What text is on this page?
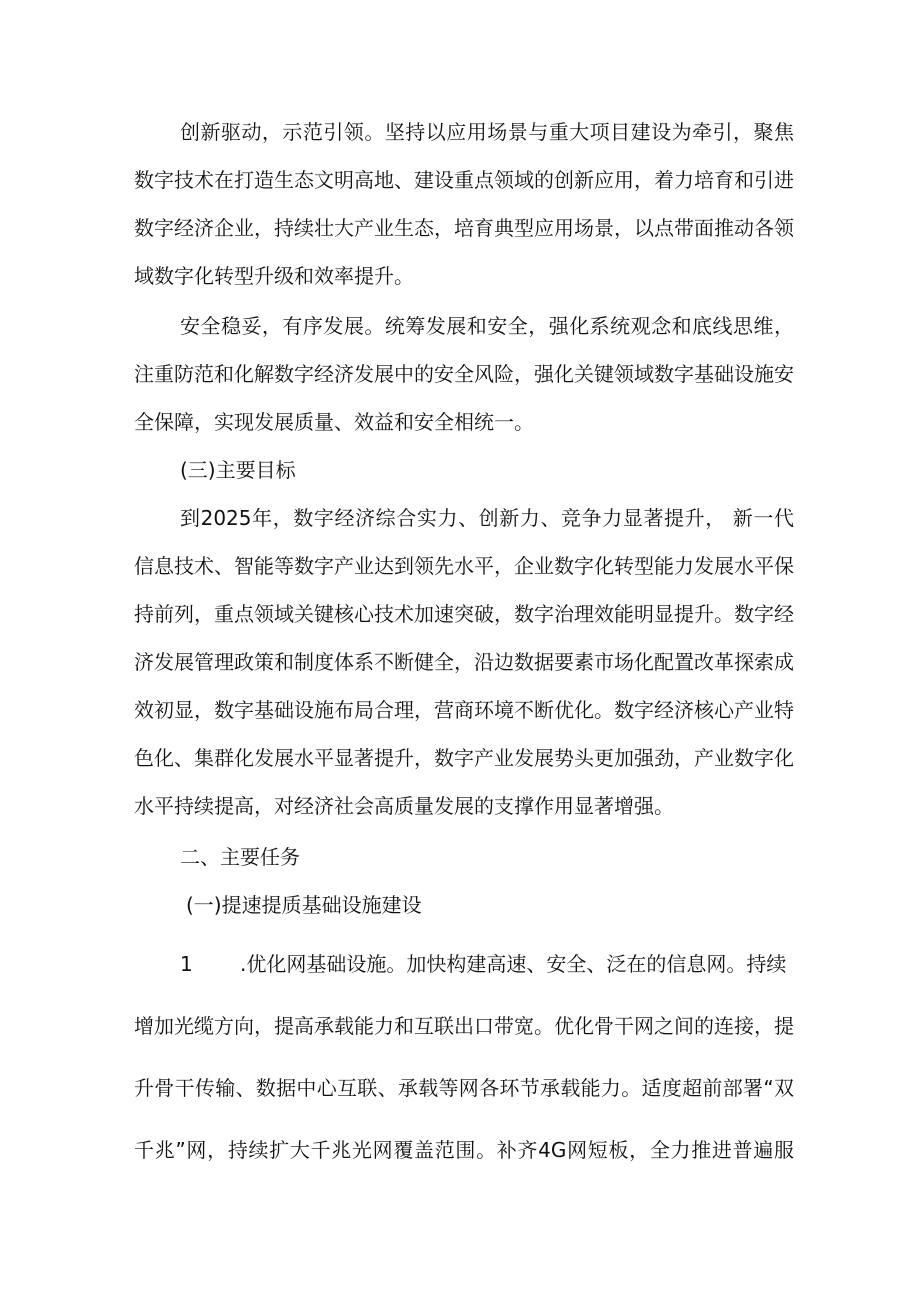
创新驱动，示范引领。坚持以应用场景与重大项目建设为牵引，聚焦数字技术在打造生态文明高地、建设重点领域的创新应用，着力培育和引进数字经济企业，持续壮大产业生态，培育典型应用场景，以点带面推动各领域数字化转型升级和效率提升。

安全稳妥，有序发展。统筹发展和安全，强化系统观念和底线思维，注重防范和化解数字经济发展中的安全风险，强化关键领域数字基础设施安全保障，实现发展质量、效益和安全相统一。

(三)主要目标

到2025年，数字经济综合实力、创新力、竞争力显著提升， 新一代信息技术、智能等数字产业达到领先水平，企业数字化转型能力发展水平保持前列，重点领域关键核心技术加速突破，数字治理效能明显提升。数字经济发展管理政策和制度体系不断健全，沿边数据要素市场化配置改革探索成效初显，数字基础设施布局合理，营商环境不断优化。数字经济核心产业特色化、集群化发展水平显著提升，数字产业发展势头更加强劲，产业数字化水平持续提高，对经济社会高质量发展的支撑作用显著增强。

二、主要任务

(一)提速提质基础设施建设

1 .优化网基础设施。加快构建高速、安全、泛在的信息网。持续

增加光缆方向，提高承载能力和互联出口带宽。优化骨干网之间的连接，提

升骨干传输、数据中心互联、承载等网各环节承载能力。适度超前部署“双

千兆”网，持续扩大千兆光网覆盖范围。补齐4G网短板，全力推进普遍服
